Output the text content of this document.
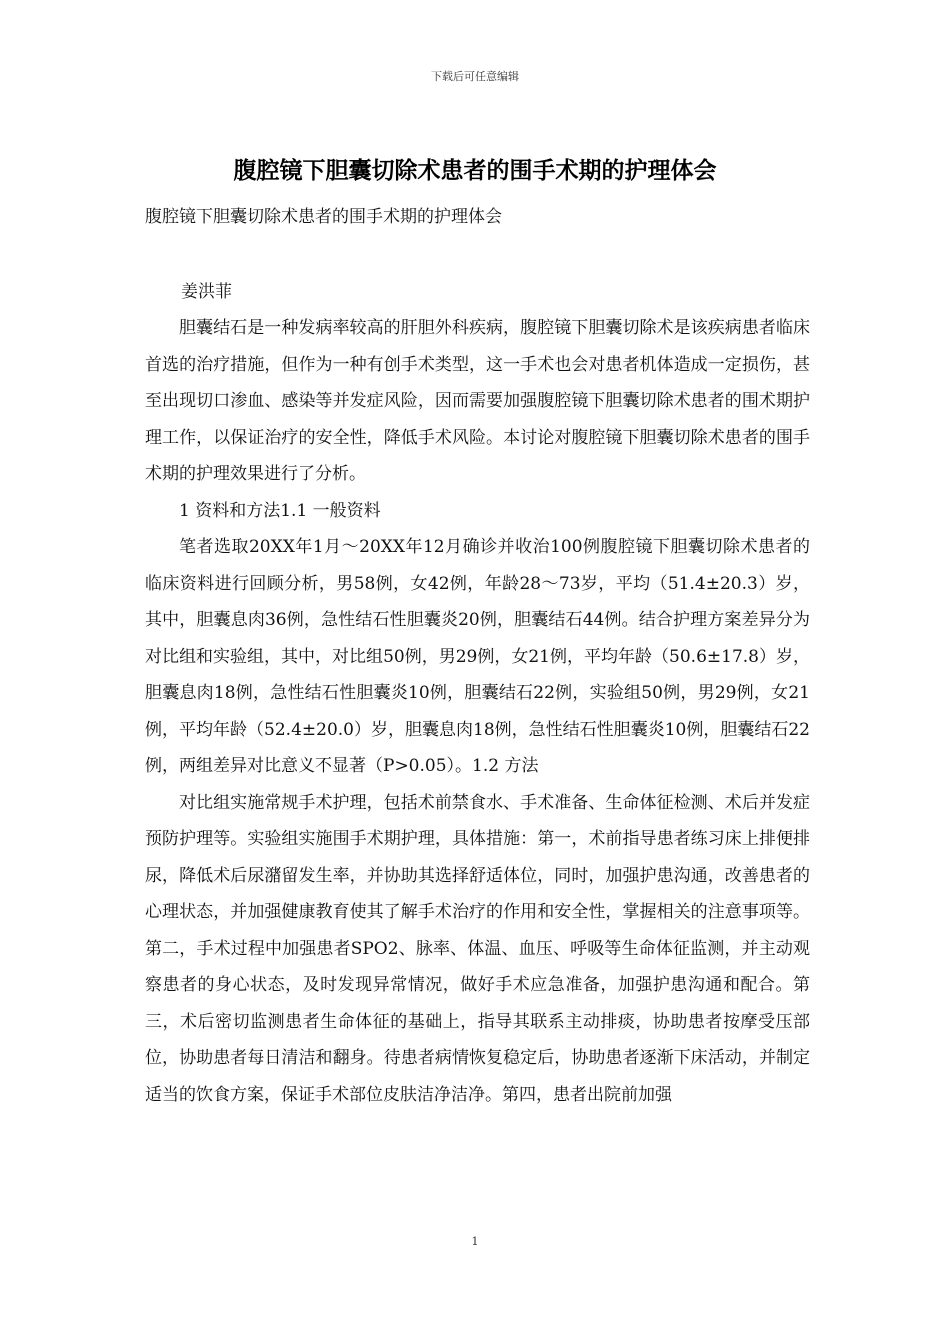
下载后可任意编辑
腹腔镜下胆囊切除术患者的围手术期的护理体会

腹腔镜下胆囊切除术患者的围手术期的护理体会

姜洪菲

胆囊结石是一种发病率较高的肝胆外科疾病，腹腔镜下胆囊切除术是该疾病患者临床首选的治疗措施，但作为一种有创手术类型，这一手术也会对患者机体造成一定损伤，甚至出现切口渗血、感染等并发症风险，因而需要加强腹腔镜下胆囊切除术患者的围术期护理工作，以保证治疗的安全性，降低手术风险。本讨论对腹腔镜下胆囊切除术患者的围手术期的护理效果进行了分析。

1 资料和方法1.1 一般资料

笔者选取20XX年1月～20XX年12月确诊并收治100例腹腔镜下胆囊切除术患者的临床资料进行回顾分析，男58例，女42例，年龄28～73岁，平均（51.4±20.3）岁，其中，胆囊息肉36例，急性结石性胆囊炎20例，胆囊结石44例。结合护理方案差异分为对比组和实验组，其中，对比组50例，男29例，女21例，平均年龄（50.6±17.8）岁，胆囊息肉18例，急性结石性胆囊炎10例，胆囊结石22例，实验组50例，男29例，女21例，平均年龄（52.4±20.0）岁，胆囊息肉18例，急性结石性胆囊炎10例，胆囊结石22例，两组差异对比意义不显著（P>0.05）。1.2 方法

对比组实施常规手术护理，包括术前禁食水、手术准备、生命体征检测、术后并发症预防护理等。实验组实施围手术期护理，具体措施：第一，术前指导患者练习床上排便排尿，降低术后尿潴留发生率，并协助其选择舒适体位，同时，加强护患沟通，改善患者的心理状态，并加强健康教育使其了解手术治疗的作用和安全性，掌握相关的注意事项等。第二，手术过程中加强患者SPO2、脉率、体温、血压、呼吸等生命体征监测，并主动观察患者的身心状态，及时发现异常情况，做好手术应急准备，加强护患沟通和配合。第三，术后密切监测患者生命体征的基础上，指导其联系主动排痰，协助患者按摩受压部位，协助患者每日清洁和翻身。待患者病情恢复稳定后，协助患者逐渐下床活动，并制定适当的饮食方案，保证手术部位皮肤洁净洁净。第四，患者出院前加强

1
